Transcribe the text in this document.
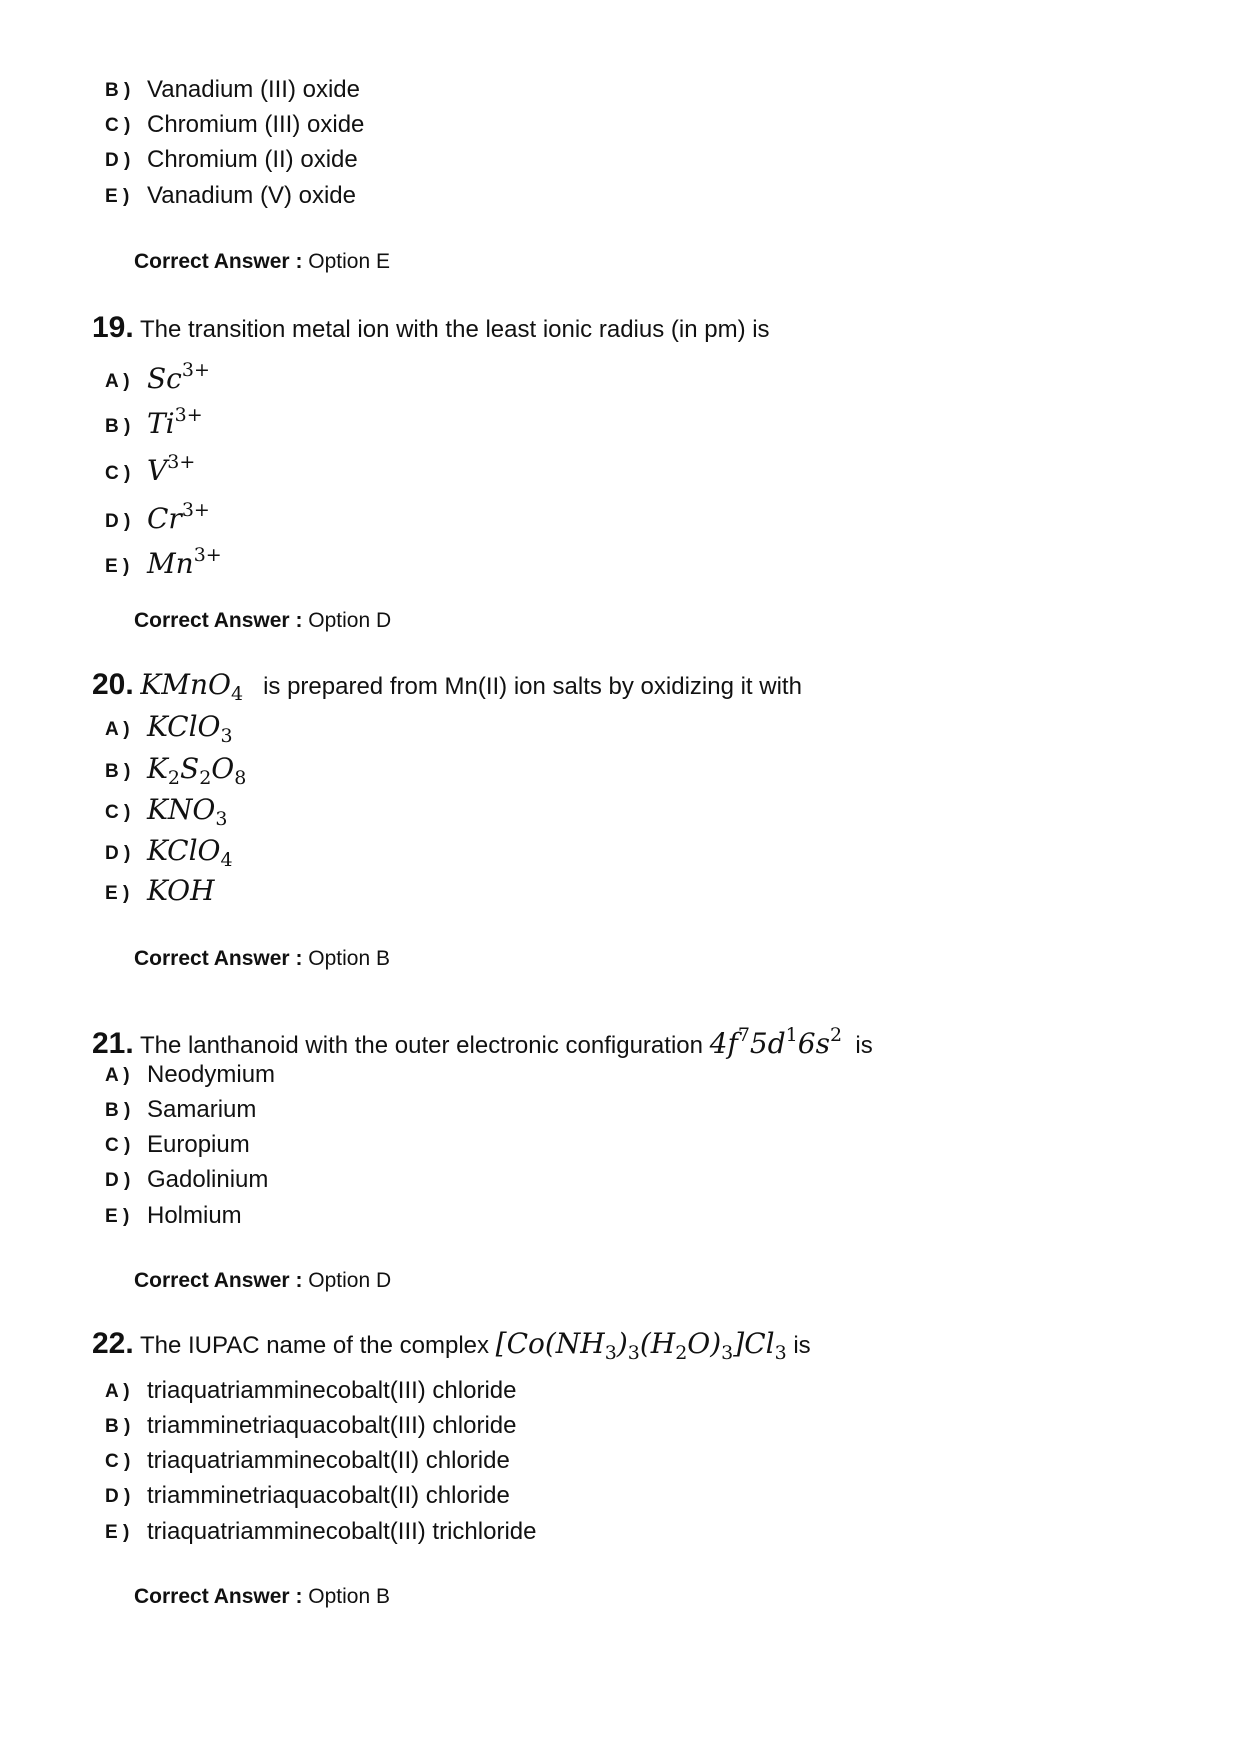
B ) Vanadium (III) oxide
C ) Chromium (III) oxide
D ) Chromium (II) oxide
E ) Vanadium (V) oxide
Correct Answer : Option E
19. The transition metal ion with the least ionic radius (in pm) is
A ) $Sc^{3+}$
B ) $Ti^{3+}$
C ) $V^{3+}$
D ) $Cr^{3+}$
E ) $Mn^{3+}$
Correct Answer : Option D
20. KMnO$_4$ is prepared from Mn(II) ion salts by oxidizing it with
A ) KClO$_3$
B ) $K_2S_2O_8$
C ) $KNO_3$
D ) KClO$_4$
E ) KOH
Correct Answer : Option B
21. The lanthanoid with the outer electronic configuration $4f^75d^16s^2$ is
A ) Neodymium
B ) Samarium
C ) Europium
D ) Gadolinium
E ) Holmium
Correct Answer : Option D
22. The IUPAC name of the complex $[Co(NH_3)_3(H_2O)_3]Cl_3$ is
A ) triaquatriamminecobalt(III) chloride
B ) triamminetriaquacobalt(III) chloride
C ) triaquatriamminecobalt(II) chloride
D ) triamminetriaquacobalt(II) chloride
E ) triaquatriamminecobalt(III) trichloride
Correct Answer : Option B
